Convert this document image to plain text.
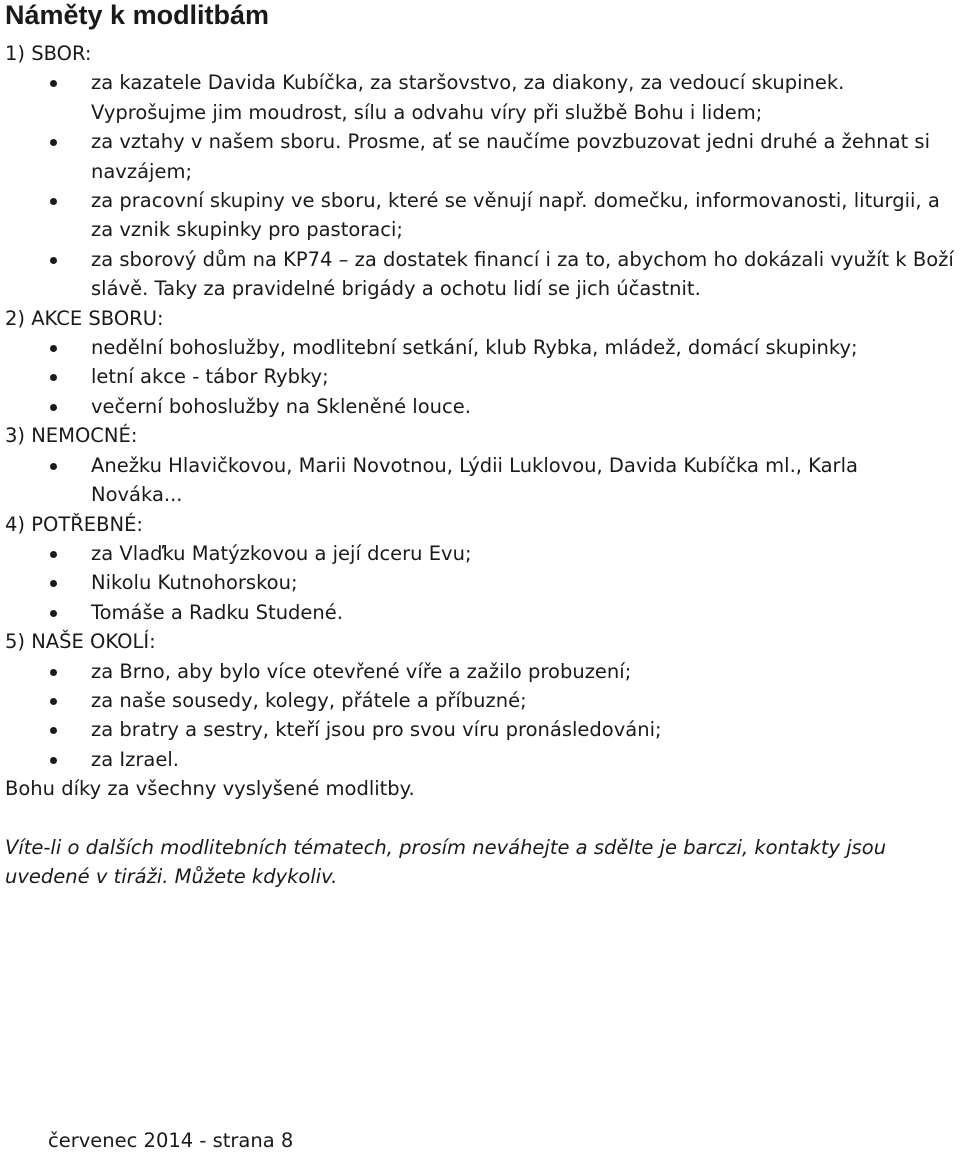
Náměty k modlitbám

1) SBOR:

za kazatele Davida Kubíčka, za staršovstvo, za diakony, za vedoucí skupinek. Vyprošujme jim moudrost, sílu a odvahu víry při službě Bohu i lidem;
za vztahy v našem sboru. Prosme, ať se naučíme povzbuzovat jedni druhé a žehnat si navzájem;
za pracovní skupiny ve sboru, které se věnují např. domečku, informovanosti, liturgii, a za vznik skupinky pro pastoraci;
za sborový dům na KP74 – za dostatek financí i za to, abychom ho dokázali využít k Boží slávě. Taky za pravidelné brigády a ochotu lidí se jich účastnit.

2) AKCE SBORU:

nedělní bohoslužby, modlitební setkání, klub Rybka, mládež, domácí skupinky;
letní akce - tábor Rybky;
večerní bohoslužby na Skleněné louce.

3) NEMOCNÉ:

Anežku Hlavičkovou, Marii Novotnou, Lýdii Luklovou, Davida Kubíčka ml., Karla Nováka...

4) POTŘEBNÉ:

za Vlaďku Matýzkovou a její dceru Evu;
Nikolu Kutnohorskou;
Tomáše a Radku Studené.

5) NAŠE OKOLÍ:

za Brno, aby bylo více otevřené víře a zažilo probuzení;
za naše sousedy, kolegy, přátele a příbuzné;
za bratry a sestry, kteří jsou pro svou víru pronásledováni;
za Izrael.

Bohu díky za všechny vyslyšené modlitby.

Víte-li o dalších modlitebních tématech, prosím neváhejte a sdělte je barczi, kontakty jsou uvedené v tiráži. Můžete kdykoliv.

červenec 2014 - strana 8
